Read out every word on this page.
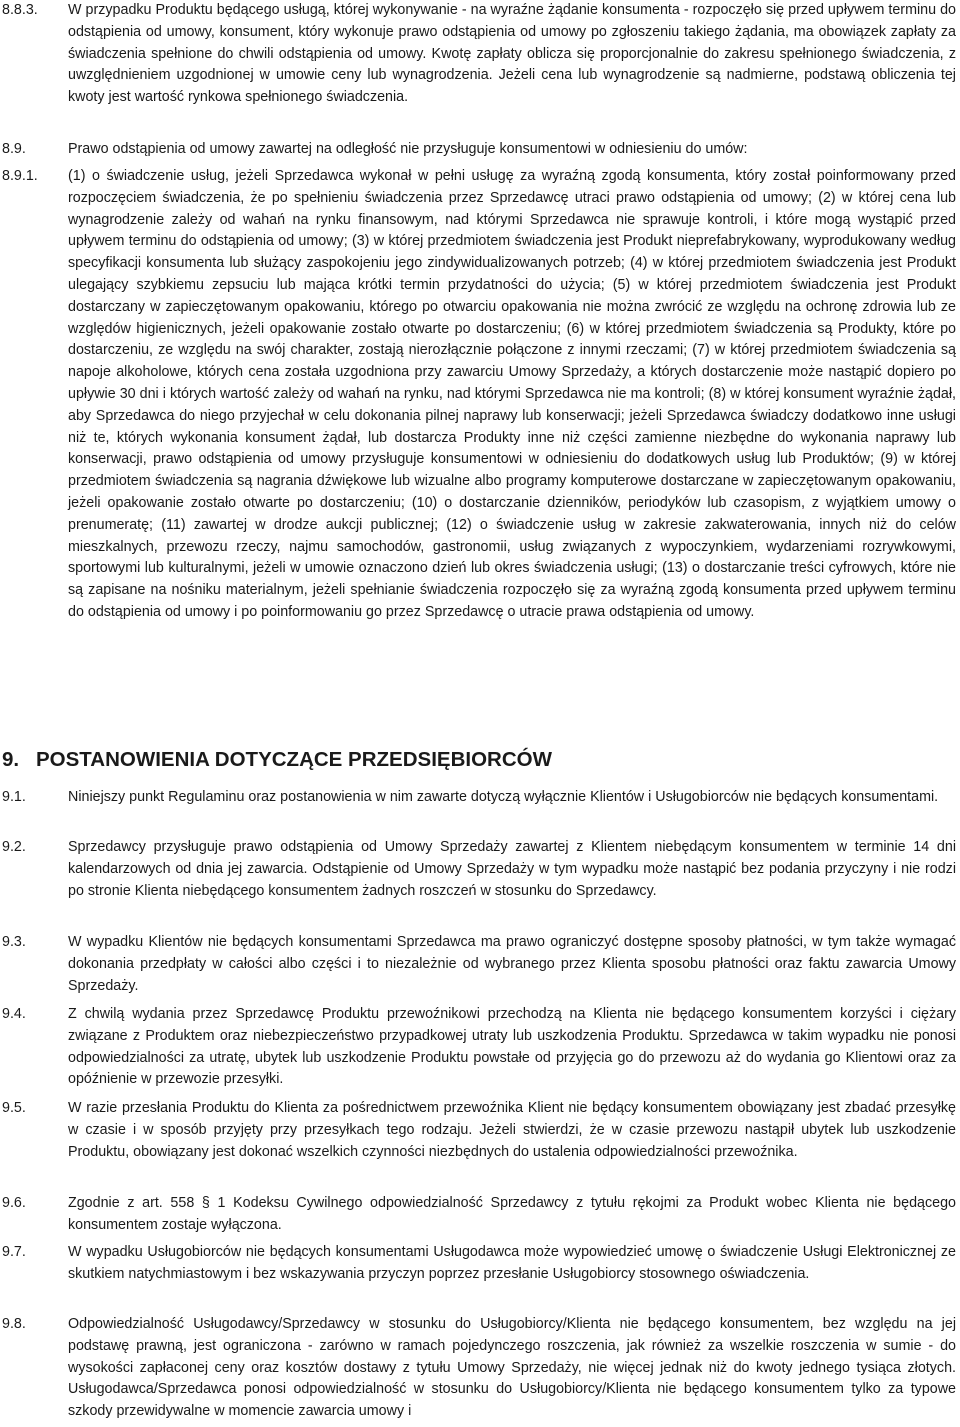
8.8.3. W przypadku Produktu będącego usługą, której wykonywanie - na wyraźne żądanie konsumenta - rozpoczęło się przed upływem terminu do odstąpienia od umowy, konsument, który wykonuje prawo odstąpienia od umowy po zgłoszeniu takiego żądania, ma obowiązek zapłaty za świadczenia spełnione do chwili odstąpienia od umowy. Kwotę zapłaty oblicza się proporcjonalnie do zakresu spełnionego świadczenia, z uwzględnieniem uzgodnionej w umowie ceny lub wynagrodzenia. Jeżeli cena lub wynagrodzenie są nadmierne, podstawą obliczenia tej kwoty jest wartość rynkowa spełnionego świadczenia.
8.9.	Prawo odstąpienia od umowy zawartej na odległość nie przysługuje konsumentowi w odniesieniu do umów:
8.9.1. (1) o świadczenie usług, jeżeli Sprzedawca wykonał w pełni usługę za wyraźną zgodą konsumenta, który został poinformowany przed rozpoczęciem świadczenia, że po spełnieniu świadczenia przez Sprzedawcę utraci prawo odstąpienia od umowy; (2) w której cena lub wynagrodzenie zależy od wahań na rynku finansowym, nad którymi Sprzedawca nie sprawuje kontroli, i które mogą wystąpić przed upływem terminu do odstąpienia od umowy; (3) w której przedmiotem świadczenia jest Produkt nieprefabrykowany, wyprodukowany według specyfikacji konsumenta lub służący zaspokojeniu jego zindywidualizowanych potrzeb; (4) w której przedmiotem świadczenia jest Produkt ulegający szybkiemu zepsuciu lub mająca krótki termin przydatności do użycia; (5) w której przedmiotem świadczenia jest Produkt dostarczany w zapieczętowanym opakowaniu, którego po otwarciu opakowania nie można zwrócić ze względu na ochronę zdrowia lub ze względów higienicznych, jeżeli opakowanie zostało otwarte po dostarczeniu; (6) w której przedmiotem świadczenia są Produkty, które po dostarczeniu, ze względu na swój charakter, zostają nierozłącznie połączone z innymi rzeczami; (7) w której przedmiotem świadczenia są napoje alkoholowe, których cena została uzgodniona przy zawarciu Umowy Sprzedaży, a których dostarczenie może nastąpić dopiero po upływie 30 dni i których wartość zależy od wahań na rynku, nad którymi Sprzedawca nie ma kontroli; (8) w której konsument wyraźnie żądał, aby Sprzedawca do niego przyjechał w celu dokonania pilnej naprawy lub konserwacji; jeżeli Sprzedawca świadczy dodatkowo inne usługi niż te, których wykonania konsument żądał, lub dostarcza Produkty inne niż części zamienne niezbędne do wykonania naprawy lub konserwacji, prawo odstąpienia od umowy przysługuje konsumentowi w odniesieniu do dodatkowych usług lub Produktów; (9) w której przedmiotem świadczenia są nagrania dźwiękowe lub wizualne albo programy komputerowe dostarczane w zapieczętowanym opakowaniu, jeżeli opakowanie zostało otwarte po dostarczeniu; (10) o dostarczanie dzienników, periodyków lub czasopism, z wyjątkiem umowy o prenumeratę; (11) zawartej w drodze aukcji publicznej; (12) o świadczenie usług w zakresie zakwaterowania, innych niż do celów mieszkalnych, przewozu rzeczy, najmu samochodów, gastronomii, usług związanych z wypoczynkiem, wydarzeniami rozrywkowymi, sportowymi lub kulturalnymi, jeżeli w umowie oznaczono dzień lub okres świadczenia usługi; (13) o dostarczanie treści cyfrowych, które nie są zapisane na nośniku materialnym, jeżeli spełnianie świadczenia rozpoczęło się za wyraźną zgodą konsumenta przed upływem terminu do odstąpienia od umowy i po poinformowaniu go przez Sprzedawcę o utracie prawa odstąpienia od umowy.
9. POSTANOWIENIA DOTYCZĄCE PRZEDSIĘBIORCÓW
9.1.	Niniejszy punkt Regulaminu oraz postanowienia w nim zawarte dotyczą wyłącznie Klientów i Usługobiorców nie będących konsumentami.
9.2.	Sprzedawcy przysługuje prawo odstąpienia od Umowy Sprzedaży zawartej z Klientem niebędącym konsumentem w terminie 14 dni kalendarzowych od dnia jej zawarcia. Odstąpienie od Umowy Sprzedaży w tym wypadku może nastąpić bez podania przyczyny i nie rodzi po stronie Klienta niebędącego konsumentem żadnych roszczeń w stosunku do Sprzedawcy.
9.3.	W wypadku Klientów nie będących konsumentami Sprzedawca ma prawo ograniczyć dostępne sposoby płatności, w tym także wymagać dokonania przedpłaty w całości albo części i to niezależnie od wybranego przez Klienta sposobu płatności oraz faktu zawarcia Umowy Sprzedaży.
9.4.	Z chwilą wydania przez Sprzedawcę Produktu przewoźnikowi przechodzą na Klienta nie będącego konsumentem korzyści i ciężary związane z Produktem oraz niebezpieczeństwo przypadkowej utraty lub uszkodzenia Produktu. Sprzedawca w takim wypadku nie ponosi odpowiedzialności za utratę, ubytek lub uszkodzenie Produktu powstałe od przyjęcia go do przewozu aż do wydania go Klientowi oraz za opóźnienie w przewozie przesyłki.
9.5.	W razie przesłania Produktu do Klienta za pośrednictwem przewoźnika Klient nie będący konsumentem obowiązany jest zbadać przesyłkę w czasie i w sposób przyjęty przy przesyłkach tego rodzaju. Jeżeli stwierdzi, że w czasie przewozu nastąpił ubytek lub uszkodzenie Produktu, obowiązany jest dokonać wszelkich czynności niezbędnych do ustalenia odpowiedzialności przewoźnika.
9.6.	Zgodnie z art. 558 § 1 Kodeksu Cywilnego odpowiedzialność Sprzedawcy z tytułu rękojmi za Produkt wobec Klienta nie będącego konsumentem zostaje wyłączona.
9.7.	W wypadku Usługobiorców nie będących konsumentami Usługodawca może wypowiedzieć umowę o świadczenie Usługi Elektronicznej ze skutkiem natychmiastowym i bez wskazywania przyczyn poprzez przesłanie Usługobiorcy stosownego oświadczenia.
9.8.	Odpowiedzialność Usługodawcy/Sprzedawcy w stosunku do Usługobiorcy/Klienta nie będącego konsumentem, bez względu na jej podstawę prawną, jest ograniczona - zarówno w ramach pojedynczego roszczenia, jak również za wszelkie roszczenia w sumie - do wysokości zapłaconej ceny oraz kosztów dostawy z tytułu Umowy Sprzedaży, nie więcej jednak niż do kwoty jednego tysiąca złotych. Usługodawca/Sprzedawca ponosi odpowiedzialność w stosunku do Usługobiorcy/Klienta nie będącego konsumentem tylko za typowe szkody przewidywalne w momencie zawarcia umowy i
